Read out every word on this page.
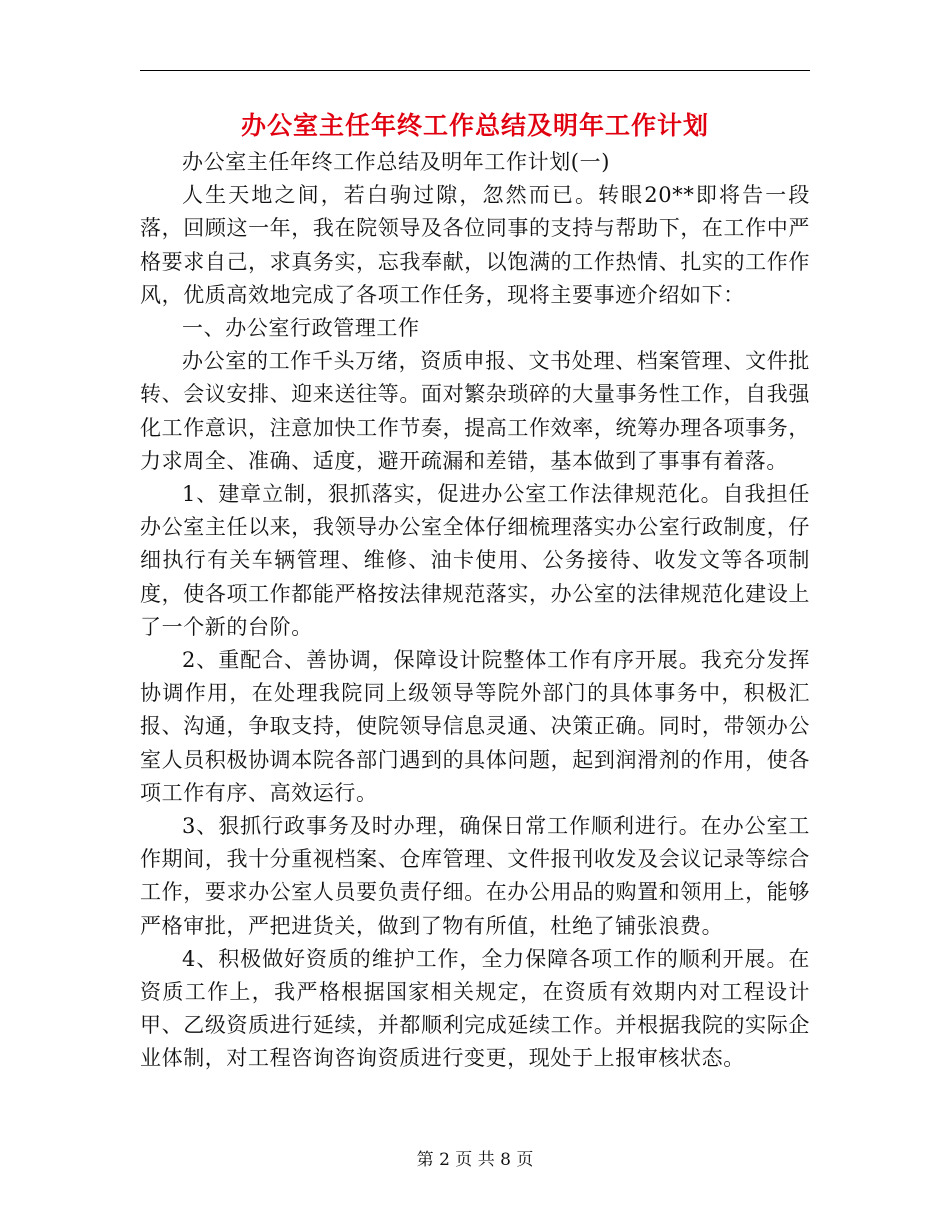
办公室主任年终工作总结及明年工作计划

办公室主任年终工作总结及明年工作计划(一)

人生天地之间，若白驹过隙，忽然而已。转眼20**即将告一段落，回顾这一年，我在院领导及各位同事的支持与帮助下，在工作中严格要求自己，求真务实，忘我奉献，以饱满的工作热情、扎实的工作作风，优质高效地完成了各项工作任务，现将主要事迹介绍如下：

一、办公室行政管理工作

办公室的工作千头万绪，资质申报、文书处理、档案管理、文件批转、会议安排、迎来送往等。面对繁杂琐碎的大量事务性工作，自我强化工作意识，注意加快工作节奏，提高工作效率，统筹办理各项事务，力求周全、准确、适度，避开疏漏和差错，基本做到了事事有着落。

1、建章立制，狠抓落实，促进办公室工作法律规范化。自我担任办公室主任以来，我领导办公室全体仔细梳理落实办公室行政制度，仔细执行有关车辆管理、维修、油卡使用、公务接待、收发文等各项制度，使各项工作都能严格按法律规范落实，办公室的法律规范化建设上了一个新的台阶。

2、重配合、善协调，保障设计院整体工作有序开展。我充分发挥协调作用，在处理我院同上级领导等院外部门的具体事务中，积极汇报、沟通，争取支持，使院领导信息灵通、决策正确。同时，带领办公室人员积极协调本院各部门遇到的具体问题，起到润滑剂的作用，使各项工作有序、高效运行。

3、狠抓行政事务及时办理，确保日常工作顺利进行。在办公室工作期间，我十分重视档案、仓库管理、文件报刊收发及会议记录等综合工作，要求办公室人员要负责仔细。在办公用品的购置和领用上，能够严格审批，严把进货关，做到了物有所值，杜绝了铺张浪费。

4、积极做好资质的维护工作，全力保障各项工作的顺利开展。在资质工作上，我严格根据国家相关规定，在资质有效期内对工程设计甲、乙级资质进行延续，并都顺利完成延续工作。并根据我院的实际企业体制，对工程咨询咨询资质进行变更，现处于上报审核状态。

第 2 页 共 8 页
